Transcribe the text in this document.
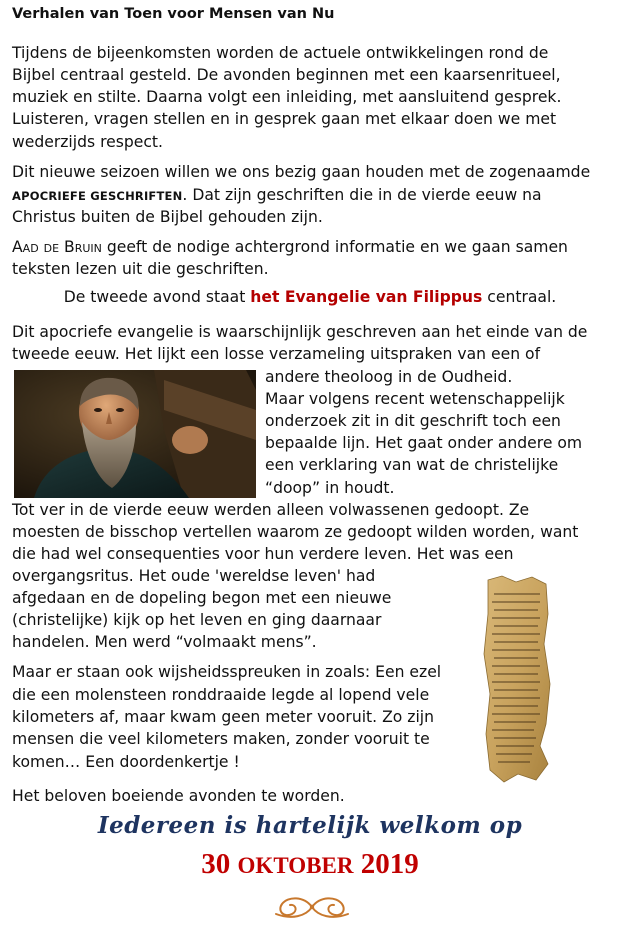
Verhalen van Toen voor Mensen van Nu
Tijdens de bijeenkomsten worden de actuele ontwikkelingen rond de
Bijbel centraal gesteld. De avonden beginnen met een kaarsenritueel,
muziek en stilte. Daarna volgt een inleiding, met aansluitend gesprek.
Luisteren, vragen stellen en in gesprek gaan met elkaar doen we met
wederzijds respect.
Dit nieuwe seizoen willen we ons bezig gaan houden met de zogenaamde
APOCRIEFE GESCHRIFTEN. Dat zijn geschriften die in de vierde eeuw na
Christus buiten de Bijbel gehouden zijn.
Aad de Bruin geeft de nodige achtergrond informatie en we gaan samen
teksten lezen uit die geschriften.
De tweede avond staat het Evangelie van Filippus centraal.
Dit apocriefe evangelie is waarschijnlijk geschreven aan het einde van de
tweede eeuw. Het lijkt een losse verzameling uitspraken van een of
andere theoloog in de Oudheid.
Maar volgens recent wetenschappelijk
onderzoek zit in dit geschrift toch een
bepaalde lijn. Het gaat onder andere om
een verklaring van wat de christelijke
“doop” in houdt.
Tot ver in de vierde eeuw werden alleen volwassenen gedoopt. Ze
moesten de bisschop vertellen waarom ze gedoopt wilden worden, want
die had wel consequenties voor hun verdere leven. Het was een
overgangsritus. Het oude 'wereldse leven' had
afgedaan en de dopeling begon met een nieuwe
(christelijke) kijk op het leven en ging daarnaar
handelen. Men werd “volmaakt mens”.
Maar er staan ook wijsheidsspreuken in zoals: Een ezel
die een molensteen ronddraaide legde al lopend vele
kilometers af, maar kwam geen meter vooruit. Zo zijn
mensen die veel kilometers maken, zonder vooruit te
komen… Een doordenkertje !
Het beloven boeiende avonden te worden.
Iedereen is hartelijk welkom op
30 OKTOBER 2019
